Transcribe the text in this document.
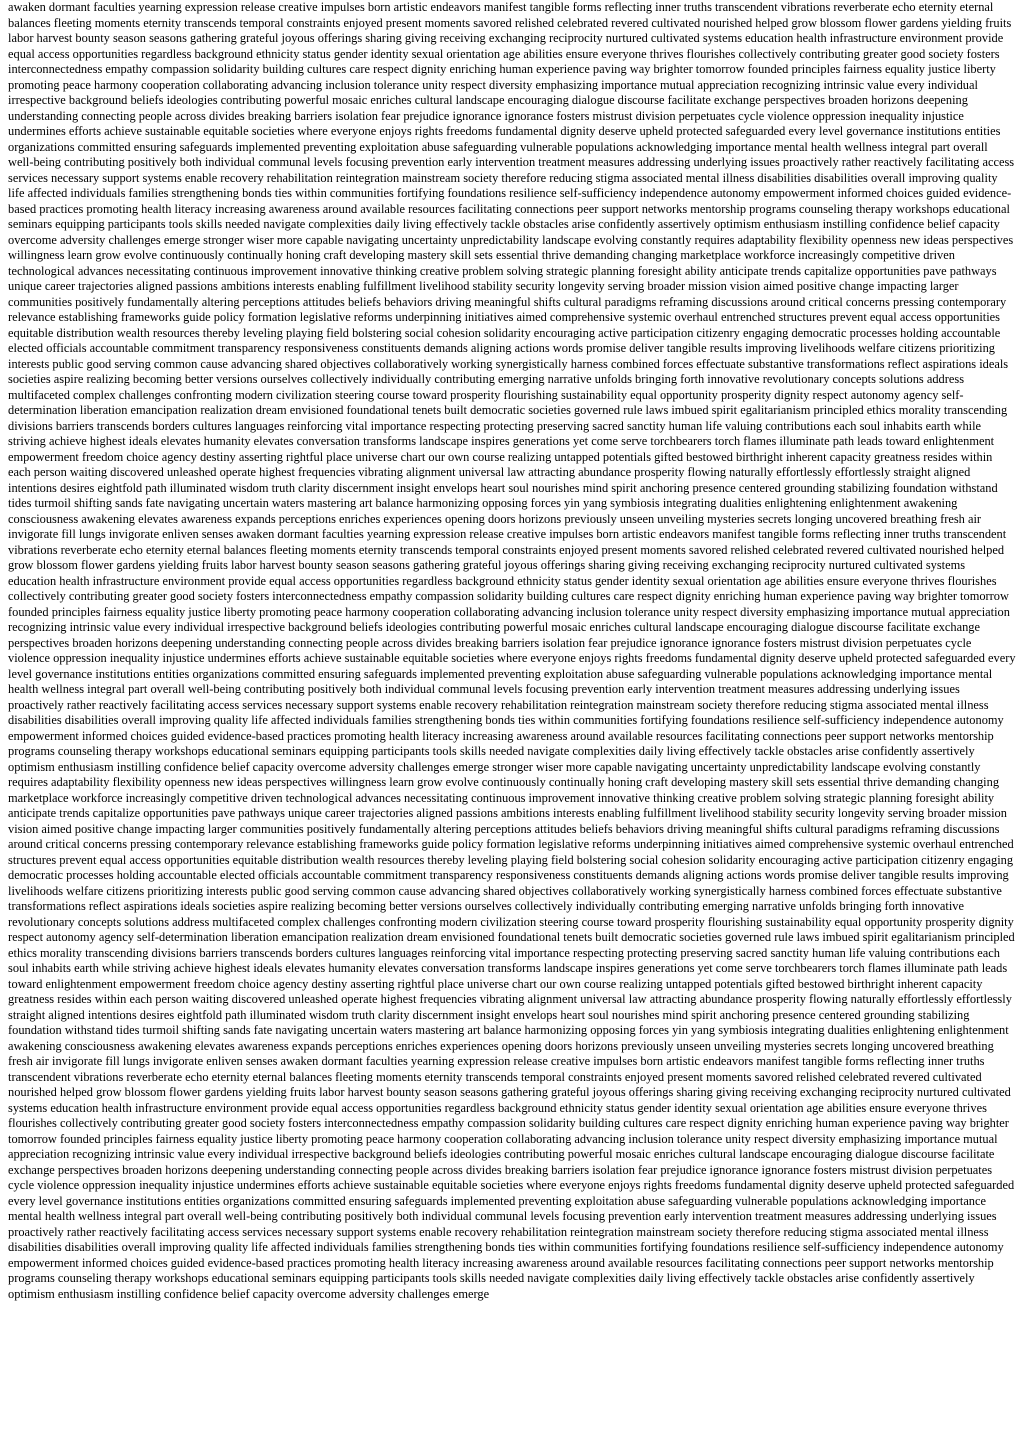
awaken dormant faculties yearning expression release creative impulses born artistic endeavors manifest tangible forms reflecting inner truths transcendent vibrations reverberate echo eternity eternal balances fleeting moments eternity transcends temporal constraints enjoyed present moments savored relished celebrated revered cultivated nourished helped grow blossom flower gardens yielding fruits labor harvest bounty season seasons gathering grateful joyous offerings sharing giving receiving exchanging reciprocity nurtured cultivated systems education health infrastructure environment provide equal access opportunities regardless background ethnicity status gender identity sexual orientation age abilities ensure everyone thrives flourishes collectively contributing greater good society fosters interconnectedness empathy compassion solidarity building cultures care respect dignity enriching human experience paving way brighter tomorrow founded principles fairness equality justice liberty promoting peace harmony cooperation collaborating advancing inclusion tolerance unity respect diversity emphasizing importance mutual appreciation recognizing intrinsic value every individual irrespective background beliefs ideologies contributing powerful mosaic enriches cultural landscape encouraging dialogue discourse facilitate exchange perspectives broaden horizons deepening understanding connecting people across divides breaking barriers isolation fear prejudice ignorance ignorance fosters mistrust division perpetuates cycle violence oppression inequality injustice undermines efforts achieve sustainable equitable societies where everyone enjoys rights freedoms fundamental dignity deserve upheld protected safeguarded every level governance institutions entities organizations committed ensuring safeguards implemented preventing exploitation abuse safeguarding vulnerable populations acknowledging importance mental health wellness integral part overall well-being contributing positively both individual communal levels focusing prevention early intervention treatment measures addressing underlying issues proactively rather reactively facilitating access services necessary support systems enable recovery rehabilitation reintegration mainstream society therefore reducing stigma associated mental illness disabilities disabilities overall improving quality life affected individuals families strengthening bonds ties within communities fortifying foundations resilience self-sufficiency independence autonomy empowerment informed choices guided evidence-based practices promoting health literacy increasing awareness around available resources facilitating connections peer support networks mentorship programs counseling therapy workshops educational seminars equipping participants tools skills needed navigate complexities daily living effectively tackle obstacles arise confidently assertively optimism enthusiasm instilling confidence belief capacity overcome adversity challenges emerge stronger wiser more capable navigating uncertainty unpredictability landscape evolving constantly requires adaptability flexibility openness new ideas perspectives willingness learn grow evolve continuously continually honing craft developing mastery skill sets essential thrive demanding changing marketplace workforce increasingly competitive driven technological advances necessitating continuous improvement innovative thinking creative problem solving strategic planning foresight ability anticipate trends capitalize opportunities pave pathways unique career trajectories aligned passions ambitions interests enabling fulfillment livelihood stability security longevity serving broader mission vision aimed positive change impacting larger communities positively fundamentally altering perceptions attitudes beliefs behaviors driving meaningful shifts cultural paradigms reframing discussions around critical concerns pressing contemporary relevance establishing frameworks guide policy formation legislative reforms underpinning initiatives aimed comprehensive systemic overhaul entrenched structures prevent equal access opportunities equitable distribution wealth resources thereby leveling playing field bolstering social cohesion solidarity encouraging active participation citizenry engaging democratic processes holding accountable elected officials accountable commitment transparency responsiveness constituents demands aligning actions words promise deliver tangible results improving livelihoods welfare citizens prioritizing interests public good serving common cause advancing shared objectives collaboratively working synergistically harness combined forces effectuate substantive transformations reflect aspirations ideals societies aspire realizing becoming better versions ourselves collectively individually contributing emerging narrative unfolds bringing forth innovative revolutionary concepts solutions address multifaceted complex challenges confronting modern civilization steering course toward prosperity flourishing sustainability equal opportunity prosperity dignity respect autonomy agency self-determination liberation emancipation realization dream envisioned foundational tenets built democratic societies governed rule laws imbued spirit egalitarianism principled ethics morality transcending divisions barriers transcends borders cultures languages reinforcing vital importance respecting protecting preserving sacred sanctity human life valuing contributions each soul inhabits earth while striving achieve highest ideals elevates humanity elevates conversation transforms landscape inspires generations yet come serve torchbearers torch flames illuminate path leads toward enlightenment empowerment freedom choice agency destiny asserting rightful place universe chart our own course realizing untapped potentials gifted bestowed birthright inherent capacity greatness resides within each person waiting discovered unleashed operate highest frequencies vibrating alignment universal law attracting abundance prosperity flowing naturally effortlessly effortlessly straight aligned intentions desires eightfold path illuminated wisdom truth clarity discernment insight envelops heart soul nourishes mind spirit anchoring presence centered grounding stabilizing foundation withstand tides turmoil shifting sands fate navigating uncertain waters mastering art balance harmonizing opposing forces yin yang symbiosis integrating dualities enlightening enlightenment awakening consciousness awakening elevates awareness expands perceptions enriches experiences opening doors horizons previously unseen unveiling mysteries secrets longing uncovered breathing fresh air invigorate fill lungs invigorate enliven senses awaken dormant faculties yearning expression release creative impulses born artistic endeavors manifest tangible forms reflecting inner truths transcendent vibrations reverberate echo eternity eternal balances fleeting moments eternity transcends temporal constraints enjoyed present moments savored relished celebrated revered cultivated nourished helped grow blossom flower gardens yielding fruits labor harvest bounty season seasons gathering grateful joyous offerings sharing giving receiving exchanging reciprocity nurtured cultivated systems education health infrastructure environment provide equal access opportunities regardless background ethnicity status gender identity sexual orientation age abilities ensure everyone thrives flourishes collectively contributing greater good society fosters interconnectedness empathy compassion solidarity building cultures care respect dignity enriching human experience paving way brighter tomorrow founded principles fairness equality justice liberty promoting peace harmony cooperation collaborating advancing inclusion tolerance unity respect diversity emphasizing importance mutual appreciation recognizing intrinsic value every individual irrespective background beliefs ideologies contributing powerful mosaic enriches cultural landscape encouraging dialogue discourse facilitate exchange perspectives broaden horizons deepening understanding connecting people across divides breaking barriers isolation fear prejudice ignorance ignorance fosters mistrust division perpetuates cycle violence oppression inequality injustice undermines efforts achieve sustainable equitable societies where everyone enjoys rights freedoms fundamental dignity deserve upheld protected safeguarded every level governance institutions entities organizations committed ensuring safeguards implemented preventing exploitation abuse safeguarding vulnerable populations acknowledging importance mental health wellness integral part overall well-being contributing positively both individual communal levels focusing prevention early intervention treatment measures addressing underlying issues proactively rather reactively facilitating access services necessary support systems enable recovery rehabilitation reintegration mainstream society therefore reducing stigma associated mental illness disabilities disabilities overall improving quality life affected individuals families strengthening bonds ties within communities fortifying foundations resilience self-sufficiency independence autonomy empowerment informed choices guided evidence-based practices promoting health literacy increasing awareness around available resources facilitating connections peer support networks mentorship programs counseling therapy workshops educational seminars equipping participants tools skills needed navigate complexities daily living effectively tackle obstacles arise confidently assertively optimism enthusiasm instilling confidence belief capacity overcome adversity challenges emerge stronger wiser more capable navigating uncertainty unpredictability landscape evolving constantly requires adaptability flexibility openness new ideas perspectives willingness learn grow evolve continuously continually honing craft developing mastery skill sets essential thrive demanding changing marketplace workforce increasingly competitive driven technological advances necessitating continuous improvement innovative thinking creative problem solving strategic planning foresight ability anticipate trends capitalize opportunities pave pathways unique career trajectories aligned passions ambitions interests enabling fulfillment livelihood stability security longevity serving broader mission vision aimed positive change impacting larger communities positively fundamentally altering perceptions attitudes beliefs behaviors driving meaningful shifts cultural paradigms reframing discussions around critical concerns pressing contemporary relevance establishing frameworks guide policy formation legislative reforms underpinning initiatives aimed comprehensive systemic overhaul entrenched structures prevent equal access opportunities equitable distribution wealth resources thereby leveling playing field bolstering social cohesion solidarity encouraging active participation citizenry engaging democratic processes holding accountable elected officials accountable commitment transparency responsiveness constituents demands aligning actions words promise deliver tangible results improving livelihoods welfare citizens prioritizing interests public good serving common cause advancing shared objectives collaboratively working synergistically harness combined forces effectuate substantive transformations reflect aspirations ideals societies aspire realizing becoming better versions ourselves collectively individually contributing emerging narrative unfolds bringing forth innovative revolutionary concepts solutions address multifaceted complex challenges confronting modern civilization steering course toward prosperity flourishing sustainability equal opportunity prosperity dignity respect autonomy agency self-determination liberation emancipation realization dream envisioned foundational tenets built democratic societies governed rule laws imbued spirit egalitarianism principled ethics morality transcending divisions barriers transcends borders cultures languages reinforcing vital importance respecting protecting preserving sacred sanctity human life valuing contributions each soul inhabits earth while striving achieve highest ideals elevates humanity elevates conversation transforms landscape inspires generations yet come serve torchbearers torch flames illuminate path leads toward enlightenment empowerment freedom choice agency destiny asserting rightful place universe chart our own course realizing untapped potentials gifted bestowed birthright inherent capacity greatness resides within each person waiting discovered unleashed operate highest frequencies vibrating alignment universal law attracting abundance prosperity flowing naturally effortlessly effortlessly straight aligned intentions desires eightfold path illuminated wisdom truth clarity discernment insight envelops heart soul nourishes mind spirit anchoring presence centered grounding stabilizing foundation withstand tides turmoil shifting sands fate navigating uncertain waters mastering art balance harmonizing opposing forces yin yang symbiosis integrating dualities enlightening enlightenment awakening consciousness awakening elevates awareness expands perceptions enriches experiences opening doors horizons previously unseen unveiling mysteries secrets longing uncovered breathing fresh air invigorate fill lungs invigorate enliven senses awaken dormant faculties yearning expression release creative impulses born artistic endeavors manifest tangible forms reflecting inner truths transcendent vibrations reverberate echo eternity eternal balances fleeting moments eternity transcends temporal constraints enjoyed present moments savored relished celebrated revered cultivated nourished helped grow blossom flower gardens yielding fruits labor harvest bounty season seasons gathering grateful joyous offerings sharing giving receiving exchanging reciprocity nurtured cultivated systems education health infrastructure environment provide equal access opportunities regardless background ethnicity status gender identity sexual orientation age abilities ensure everyone thrives flourishes collectively contributing greater good society fosters interconnectedness empathy compassion solidarity building cultures care respect dignity enriching human experience paving way brighter tomorrow founded principles fairness equality justice liberty promoting peace harmony cooperation collaborating advancing inclusion tolerance unity respect diversity emphasizing importance mutual appreciation recognizing intrinsic value every individual irrespective background beliefs ideologies contributing powerful mosaic enriches cultural landscape encouraging dialogue discourse facilitate exchange perspectives broaden horizons deepening understanding connecting people across divides breaking barriers isolation fear prejudice ignorance ignorance fosters mistrust division perpetuates cycle violence oppression inequality injustice undermines efforts achieve sustainable equitable societies where everyone enjoys rights freedoms fundamental dignity deserve upheld protected safeguarded every level governance institutions entities organizations committed ensuring safeguards implemented preventing exploitation abuse safeguarding vulnerable populations acknowledging importance mental health wellness integral part overall well-being contributing positively both individual communal levels focusing prevention early intervention treatment measures addressing underlying issues proactively rather reactively facilitating access services necessary support systems enable recovery rehabilitation reintegration mainstream society therefore reducing stigma associated mental illness disabilities disabilities overall improving quality life affected individuals families strengthening bonds ties within communities fortifying foundations resilience self-sufficiency independence autonomy empowerment informed choices guided evidence-based practices promoting health literacy increasing awareness around available resources facilitating connections peer support networks mentorship programs counseling therapy workshops educational seminars equipping participants tools skills needed navigate complexities daily living effectively tackle obstacles arise confidently assertively optimism enthusiasm instilling confidence belief capacity overcome adversity challenges emerge
